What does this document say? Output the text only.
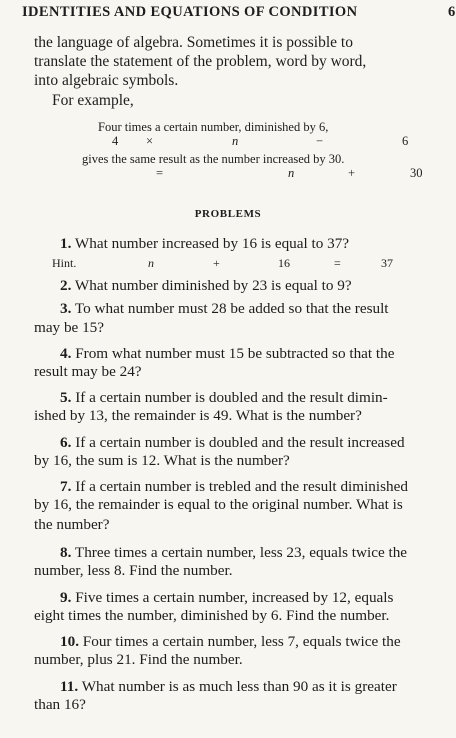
IDENTITIES AND EQUATIONS OF CONDITION	6
the language of algebra. Sometimes it is possible to
translate the statement of the problem, word by word,
into algebraic symbols.
For example,
Four times a certain number, diminished by 6,
4 ×	n	−	6
gives the same result as the number increased by 30.
=	n	+	30
PROBLEMS
1. What number increased by 16 is equal to 37?
Hint.	n	+	16	=	37
2. What number diminished by 23 is equal to 9?
3. To what number must 28 be added so that the result
may be 15?
4. From what number must 15 be subtracted so that the
result may be 24?
5. If a certain number is doubled and the result dimin-
ished by 13, the remainder is 49. What is the number?
6. If a certain number is doubled and the result increased
by 16, the sum is 12. What is the number?
7. If a certain number is trebled and the result diminished
by 16, the remainder is equal to the original number. What is
the number?
8. Three times a certain number, less 23, equals twice the
number, less 8. Find the number.
9. Five times a certain number, increased by 12, equals
eight times the number, diminished by 6. Find the number.
10. Four times a certain number, less 7, equals twice the
number, plus 21. Find the number.
11. What number is as much less than 90 as it is greater
than 16?
